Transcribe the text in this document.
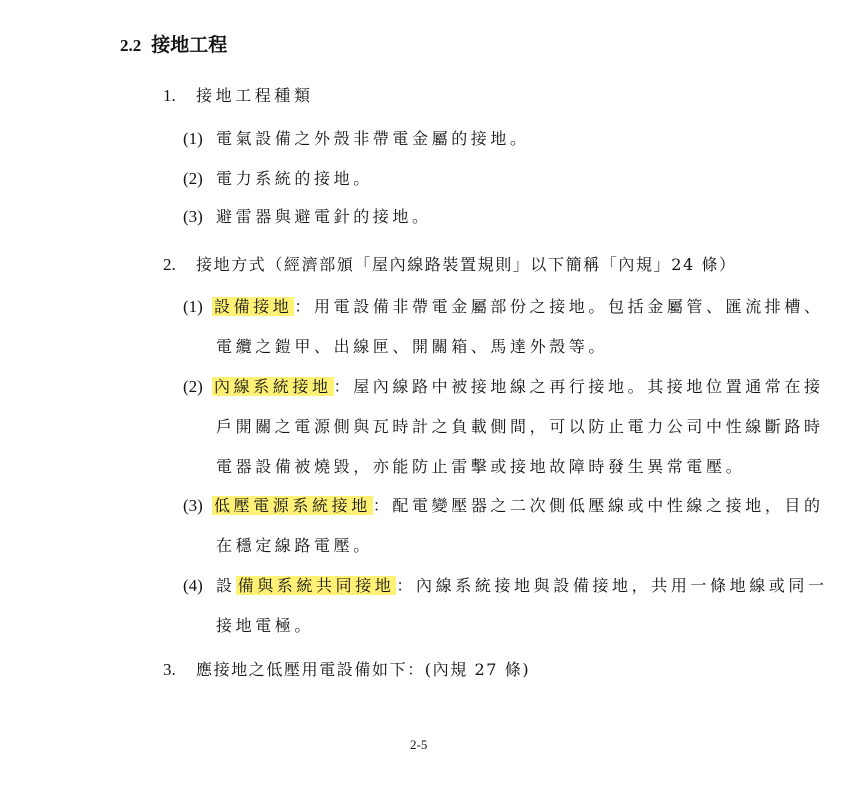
2.2 接地工程
1. 接地工程種類
(1) 電氣設備之外殼非帶電金屬的接地。
(2) 電力系統的接地。
(3) 避雷器與避電針的接地。
2. 接地方式（經濟部頒「屋內線路裝置規則」以下簡稱「內規」24 條）
(1) 設備接地 ：用電設備非帶電金屬部份之接地。包括金屬管、匯流排槽、
電纜之鎧甲、出線匣、開關箱、馬達外殼等。
(2) 內線系統接地 ：屋內線路中被接地線之再行接地。其接地位置通常在接
戶開關之電源側與瓦時計之負載側間，可以防止電力公司中性線斷路時
電器設備被燒毀，亦能防止雷擊或接地故障時發生異常電壓。
(3) 低壓電源系統接地 ：配電變壓器之二次側低壓線或中性線之接地，目的
在穩定線路電壓。
(4) 設 備與系統共同接地 ：內線系統接地與設備接地，共用一條地線或同一
接地電極。
3. 應接地之低壓用電設備如下：(內規 27 條)
2-5
